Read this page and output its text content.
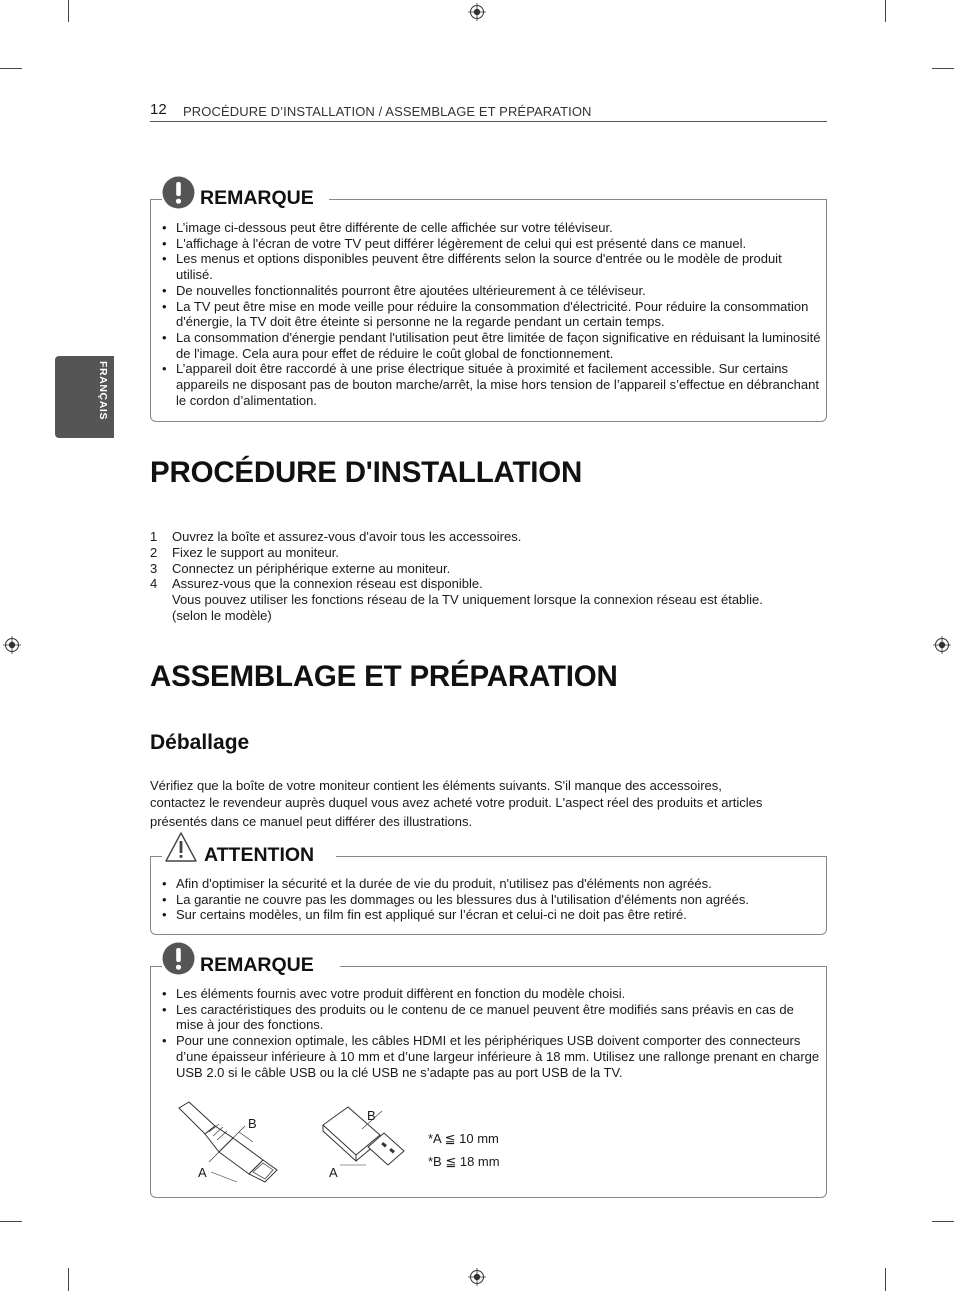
12 PROCÉDURE D’INSTALLATION / ASSEMBLAGE ET PRÉPARATION
FRANÇAIS
REMARQUE
• L’image ci-dessous peut être différente de celle affichée sur votre téléviseur.
• L'affichage à l'écran de votre TV peut différer légèrement de celui qui est présenté dans ce manuel.
• Les menus et options disponibles peuvent être différents selon la source d'entrée ou le modèle de produit utilisé.
• De nouvelles fonctionnalités pourront être ajoutées ultérieurement à ce téléviseur.
• La TV peut être mise en mode veille pour réduire la consommation d'électricité. Pour réduire la consommation d'énergie, la TV doit être éteinte si personne ne la regarde pendant un certain temps.
• La consommation d'énergie pendant l'utilisation peut être limitée de façon significative en réduisant la luminosité de l'image. Cela aura pour effet de réduire le coût global de fonctionnement.
• L’appareil doit être raccordé à une prise électrique située à proximité et facilement accessible. Sur certains appareils ne disposant pas de bouton marche/arrêt, la mise hors tension de l’appareil s’effectue en débranchant le cordon d’alimentation.
PROCÉDURE D'INSTALLATION
1 Ouvrez la boîte et assurez-vous d'avoir tous les accessoires.
2 Fixez le support au moniteur.
3 Connectez un périphérique externe au moniteur.
4 Assurez-vous que la connexion réseau est disponible.
Vous pouvez utiliser les fonctions réseau de la TV uniquement lorsque la connexion réseau est établie.
(selon le modèle)
ASSEMBLAGE ET PRÉPARATION
Déballage
Vérifiez que la boîte de votre moniteur contient les éléments suivants. S'il manque des accessoires,
contactez le revendeur auprès duquel vous avez acheté votre produit. L'aspect réel des produits et articles
présentés dans ce manuel peut différer des illustrations.
ATTENTION
• Afin d'optimiser la sécurité et la durée de vie du produit, n'utilisez pas d'éléments non agréés.
• La garantie ne couvre pas les dommages ou les blessures dus à l'utilisation d'éléments non agréés.
• Sur certains modèles, un film fin est appliqué sur l’écran et celui-ci ne doit pas être retiré.
REMARQUE
• Les éléments fournis avec votre produit diffèrent en fonction du modèle choisi.
• Les caractéristiques des produits ou le contenu de ce manuel peuvent être modifiés sans préavis en cas de mise à jour des fonctions.
• Pour une connexion optimale, les câbles HDMI et les périphériques USB doivent comporter des connecteurs d’une épaisseur inférieure à 10 mm et d’une largeur inférieure à 18 mm. Utilisez une rallonge prenant en charge USB 2.0 si le câble USB ou la clé USB ne s’adapte pas au port USB de la TV.
A
B
A
B
*A ≦ 10 mm
*B ≦ 18 mm
